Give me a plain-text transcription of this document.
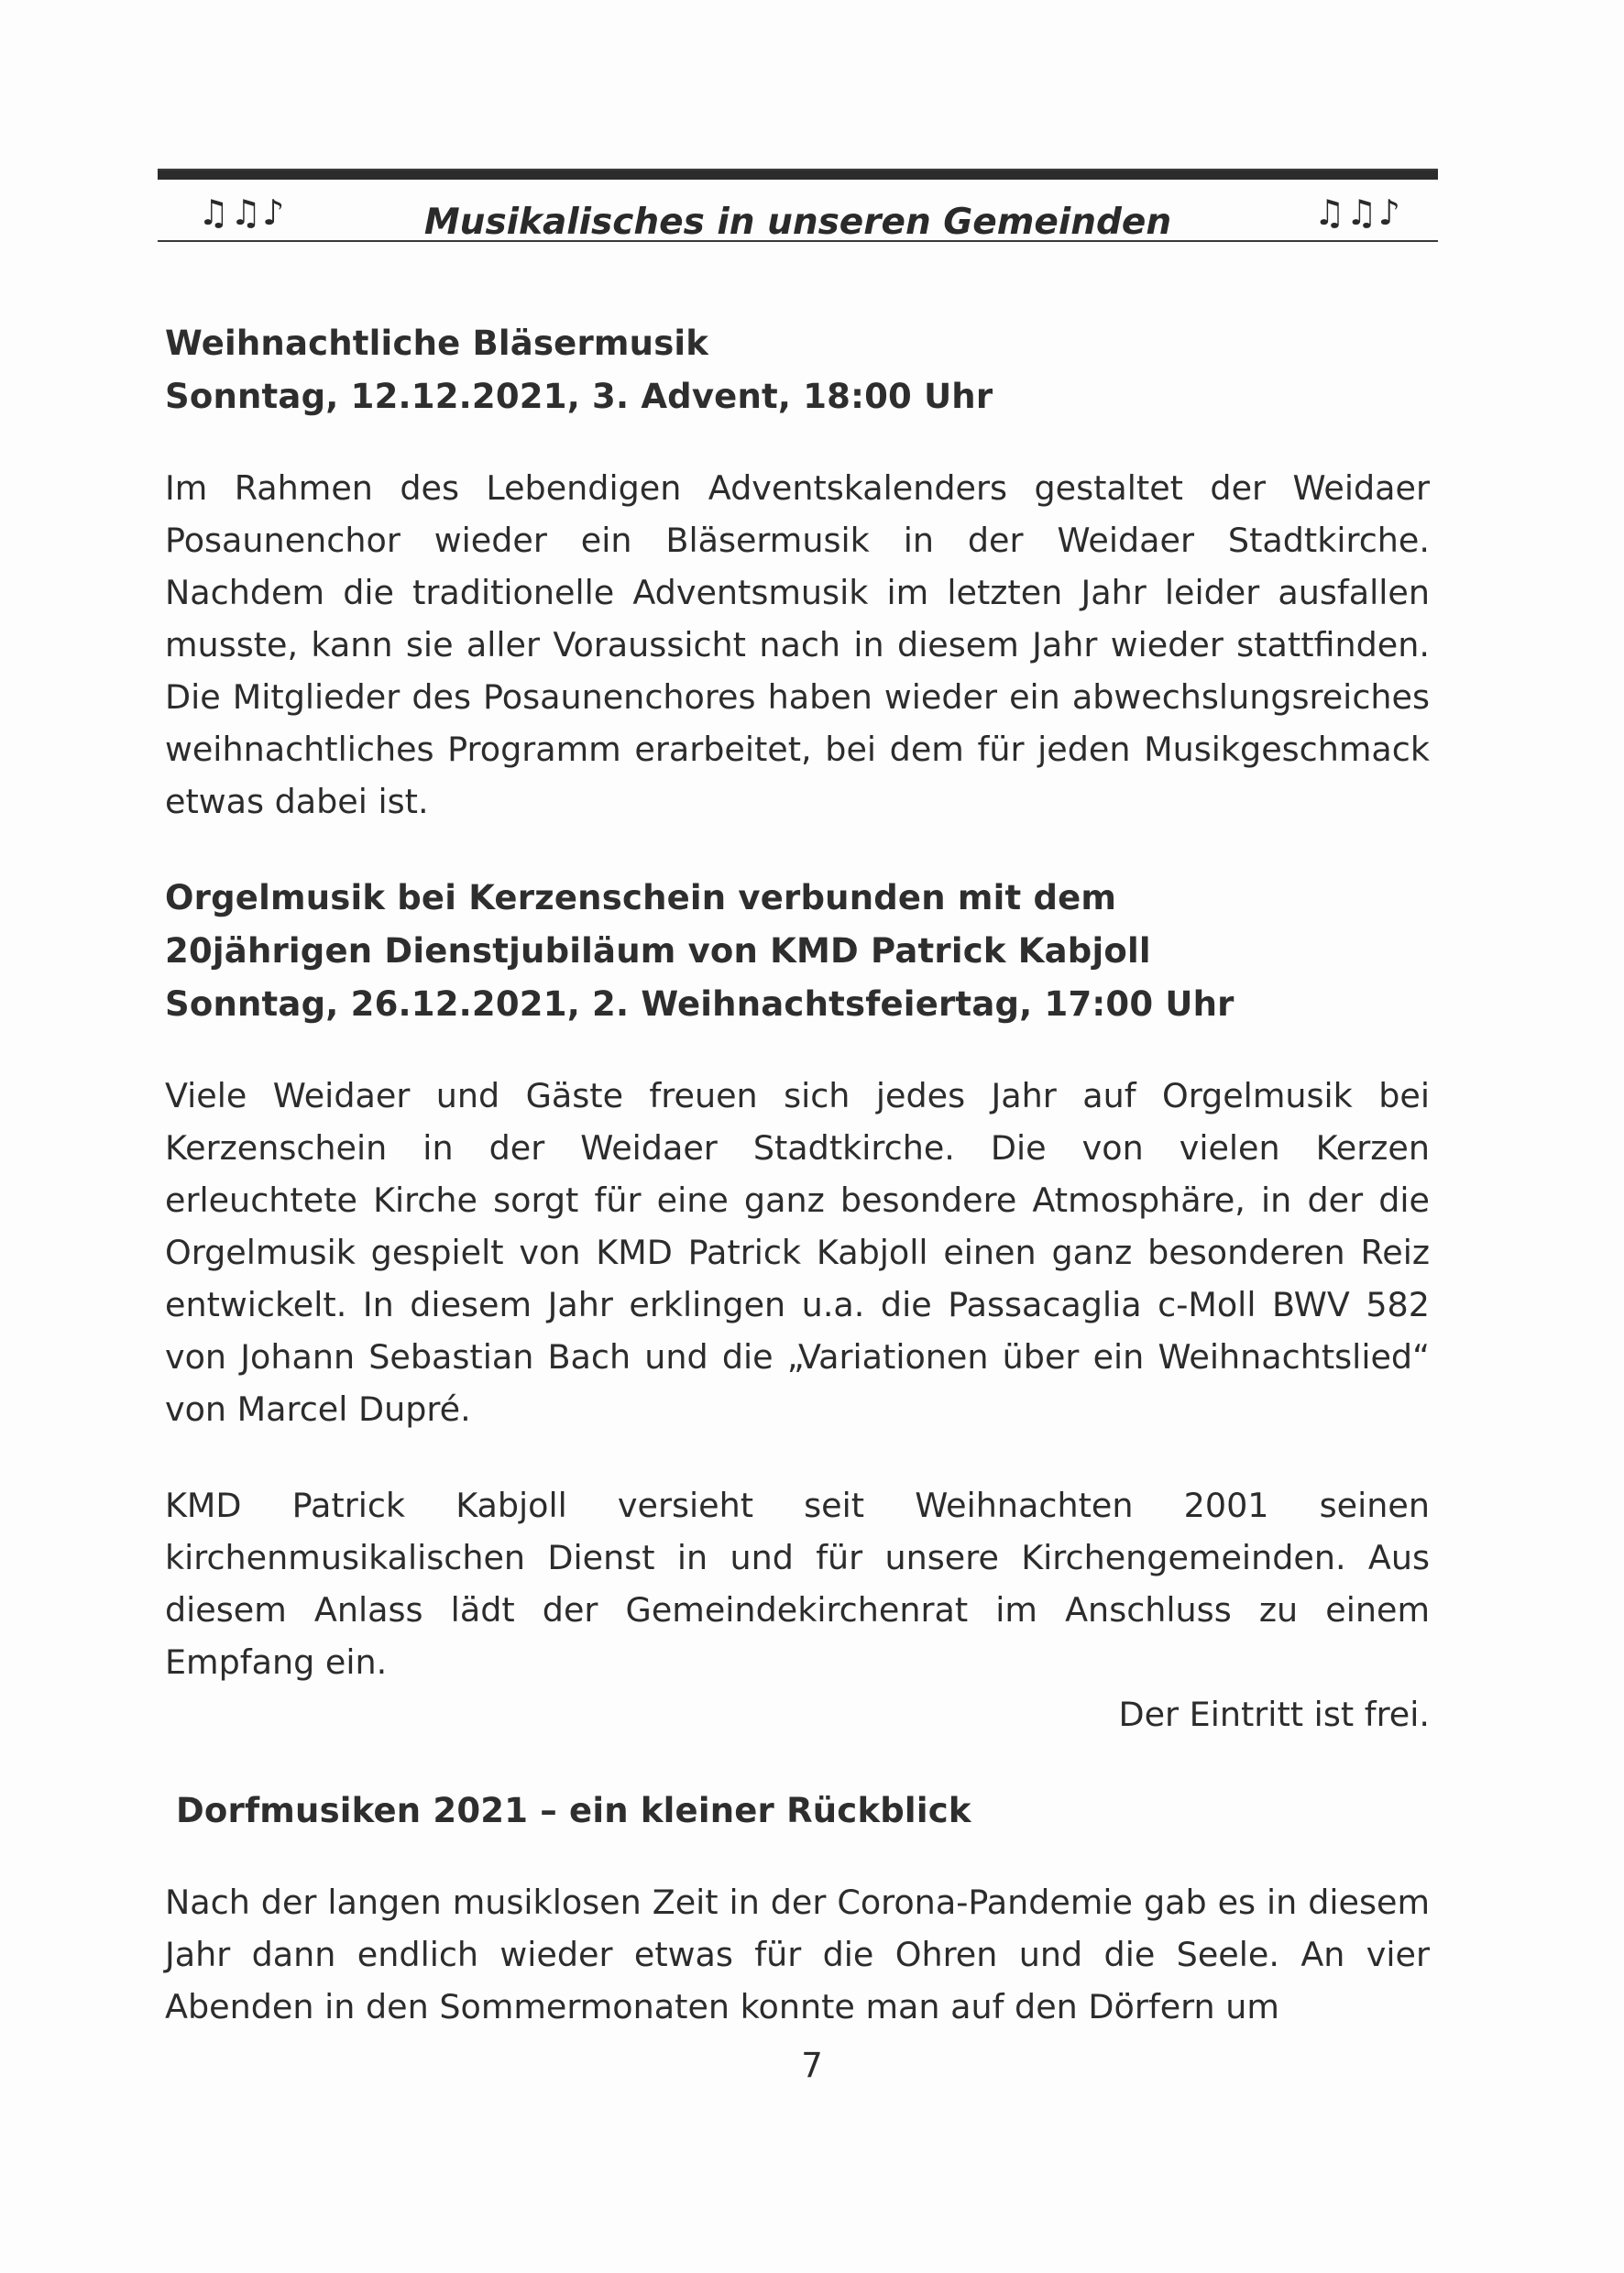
♫♫♪	Musikalisches in unseren Gemeinden	♫♫♪

Weihnachtliche Bläsermusik

Sonntag, 12.12.2021, 3. Advent, 18:00 Uhr

Im Rahmen des Lebendigen Adventskalenders gestaltet der Weidaer Posaunenchor wieder ein Bläsermusik in der Weidaer Stadtkirche. Nachdem die traditionelle Adventsmusik im letzten Jahr leider ausfallen musste, kann sie aller Voraussicht nach in diesem Jahr wieder stattfinden. Die Mitglieder des Posaunenchores haben wieder ein abwechslungsreiches weihnachtliches Programm erarbeitet, bei dem für jeden Musikgeschmack etwas dabei ist.

Orgelmusik bei Kerzenschein verbunden mit dem

20jährigen Dienstjubiläum von KMD Patrick Kabjoll

Sonntag, 26.12.2021, 2. Weihnachtsfeiertag, 17:00 Uhr

Viele Weidaer und Gäste freuen sich jedes Jahr auf Orgelmusik bei Kerzenschein in der Weidaer Stadtkirche. Die von vielen Kerzen erleuchtete Kirche sorgt für eine ganz besondere Atmosphäre, in der die Orgelmusik gespielt von KMD Patrick Kabjoll einen ganz besonderen Reiz entwickelt. In diesem Jahr erklingen u.a. die Passacaglia c-Moll BWV 582 von Johann Sebastian Bach und die „Variationen über ein Weihnachtslied“ von Marcel Dupré.

KMD Patrick Kabjoll versieht seit Weihnachten 2001 seinen kirchenmusikalischen Dienst in und für unsere Kirchengemeinden. Aus diesem Anlass lädt der Gemeindekirchenrat im Anschluss zu einem Empfang ein.

Der Eintritt ist frei.

Dorfmusiken 2021 – ein kleiner Rückblick

Nach der langen musiklosen Zeit in der Corona-Pandemie gab es in diesem Jahr dann endlich wieder etwas für die Ohren und die Seele. An vier Abenden in den Sommermonaten konnte man auf den Dörfern um

7
